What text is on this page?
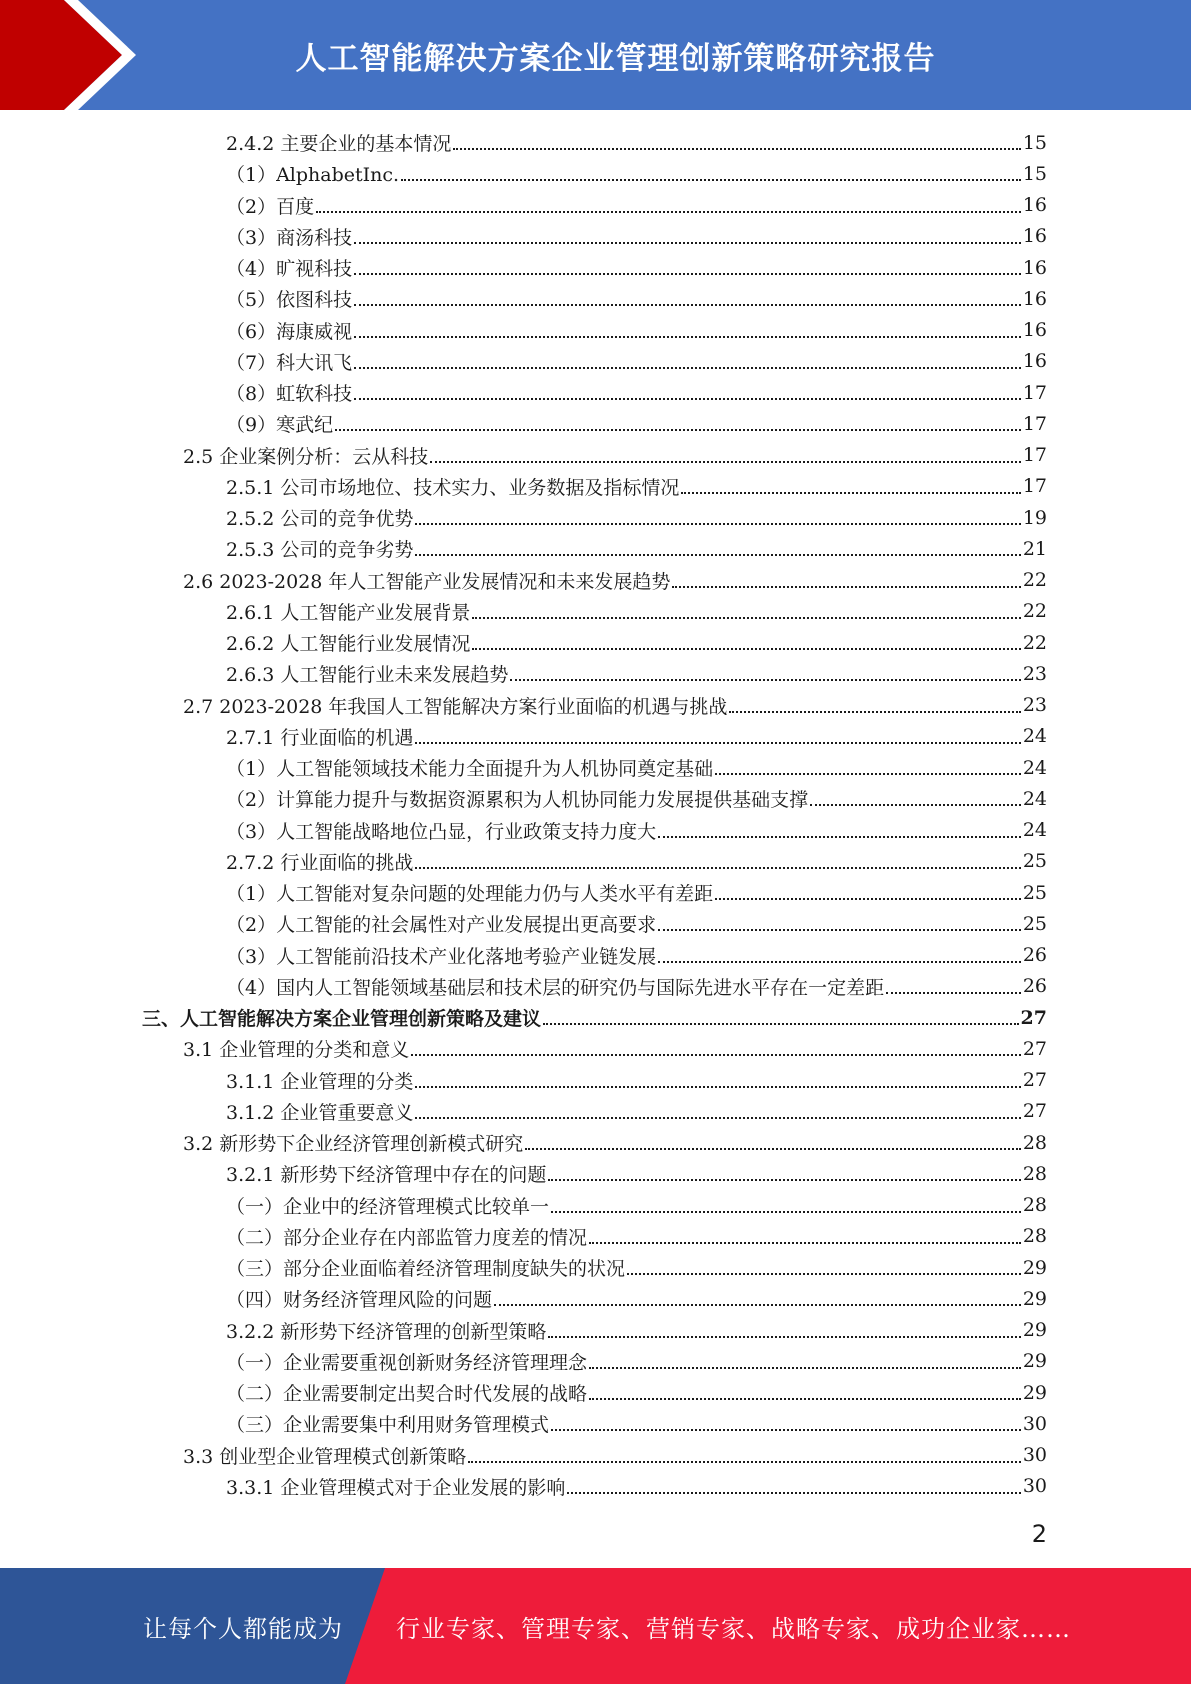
人工智能解决方案企业管理创新策略研究报告
2.4.2 主要企业的基本情况	15
（1）AlphabetInc.	15
（2）百度	16
（3）商汤科技	16
（4）旷视科技	16
（5）依图科技	16
（6）海康威视	16
（7）科大讯飞	16
（8）虹软科技	17
（9）寒武纪	17
2.5 企业案例分析：云从科技	17
2.5.1 公司市场地位、技术实力、业务数据及指标情况	17
2.5.2 公司的竞争优势	19
2.5.3 公司的竞争劣势	21
2.6 2023-2028 年人工智能产业发展情况和未来发展趋势	22
2.6.1 人工智能产业发展背景	22
2.6.2 人工智能行业发展情况	22
2.6.3 人工智能行业未来发展趋势	23
2.7 2023-2028 年我国人工智能解决方案行业面临的机遇与挑战	23
2.7.1 行业面临的机遇	24
（1）人工智能领域技术能力全面提升为人机协同奠定基础	24
（2）计算能力提升与数据资源累积为人机协同能力发展提供基础支撑	24
（3）人工智能战略地位凸显，行业政策支持力度大	24
2.7.2 行业面临的挑战	25
（1）人工智能对复杂问题的处理能力仍与人类水平有差距	25
（2）人工智能的社会属性对产业发展提出更高要求	25
（3）人工智能前沿技术产业化落地考验产业链发展	26
（4）国内人工智能领域基础层和技术层的研究仍与国际先进水平存在一定差距	26
三、人工智能解决方案企业管理创新策略及建议	27
3.1 企业管理的分类和意义	27
3.1.1 企业管理的分类	27
3.1.2 企业管重要意义	27
3.2 新形势下企业经济管理创新模式研究	28
3.2.1 新形势下经济管理中存在的问题	28
（一）企业中的经济管理模式比较单一	28
（二）部分企业存在内部监管力度差的情况	28
（三）部分企业面临着经济管理制度缺失的状况	29
（四）财务经济管理风险的问题	29
3.2.2 新形势下经济管理的创新型策略	29
（一）企业需要重视创新财务经济管理理念	29
（二）企业需要制定出契合时代发展的战略	29
（三）企业需要集中利用财务管理模式	30
3.3 创业型企业管理模式创新策略	30
3.3.1 企业管理模式对于企业发展的影响	30
2
让每个人都能成为 行业专家、管理专家、营销专家、战略专家、成功企业家……
